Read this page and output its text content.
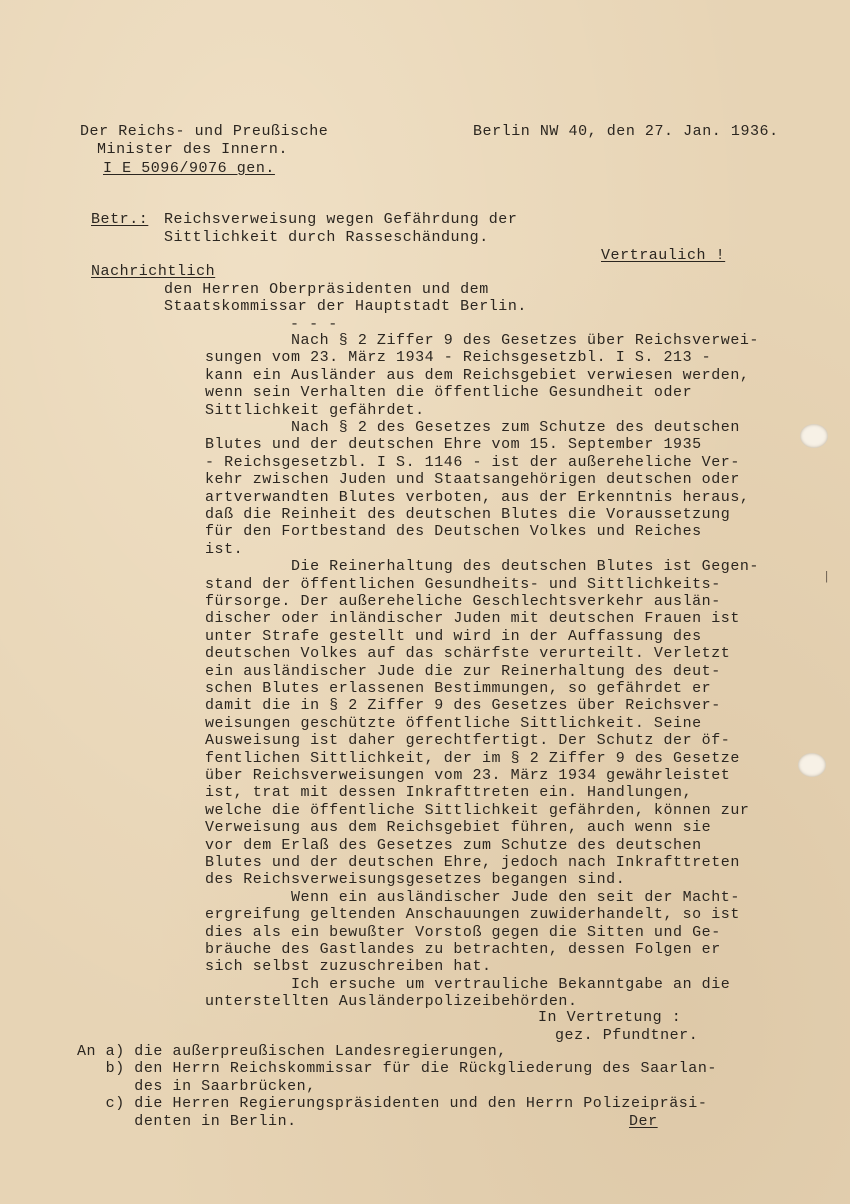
|
Der Reichs- und Preußische
Minister des Innern.
I E 5096/9076 gen.
Berlin NW 40, den 27. Jan. 1936.
Betr.: Reichsverweisung wegen Gefährdung der
Sittlichkeit durch Rasseschändung.
Vertraulich !
Nachrichtlich
den Herren Oberpräsidenten und dem
Staatskommissar der Hauptstadt Berlin.
- - -
Nach § 2 Ziffer 9 des Gesetzes über Reichsverwei-
sungen vom 23. März 1934 - Reichsgesetzbl. I S. 213 -
kann ein Ausländer aus dem Reichsgebiet verwiesen werden,
wenn sein Verhalten die öffentliche Gesundheit oder
Sittlichkeit gefährdet.
Nach § 2 des Gesetzes zum Schutze des deutschen
Blutes und der deutschen Ehre vom 15. September 1935
- Reichsgesetzbl. I S. 1146 - ist der außereheliche Ver-
kehr zwischen Juden und Staatsangehörigen deutschen oder
artverwandten Blutes verboten, aus der Erkenntnis heraus,
daß die Reinheit des deutschen Blutes die Voraussetzung
für den Fortbestand des Deutschen Volkes und Reiches
ist.
Die Reinerhaltung des deutschen Blutes ist Gegen-
stand der öffentlichen Gesundheits- und Sittlichkeits-
fürsorge. Der außereheliche Geschlechtsverkehr auslän-
discher oder inländischer Juden mit deutschen Frauen ist
unter Strafe gestellt und wird in der Auffassung des
deutschen Volkes auf das schärfste verurteilt. Verletzt
ein ausländischer Jude die zur Reinerhaltung des deut-
schen Blutes erlassenen Bestimmungen, so gefährdet er
damit die in § 2 Ziffer 9 des Gesetzes über Reichsver-
weisungen geschützte öffentliche Sittlichkeit. Seine
Ausweisung ist daher gerechtfertigt. Der Schutz der öf-
fentlichen Sittlichkeit, der im § 2 Ziffer 9 des Gesetze
über Reichsverweisungen vom 23. März 1934 gewährleistet
ist, trat mit dessen Inkrafttreten ein. Handlungen,
welche die öffentliche Sittlichkeit gefährden, können zur
Verweisung aus dem Reichsgebiet führen, auch wenn sie
vor dem Erlaß des Gesetzes zum Schutze des deutschen
Blutes und der deutschen Ehre, jedoch nach Inkrafttreten
des Reichsverweisungsgesetzes begangen sind.
Wenn ein ausländischer Jude den seit der Macht-
ergreifung geltenden Anschauungen zuwiderhandelt, so ist
dies als ein bewußter Vorstoß gegen die Sitten und Ge-
bräuche des Gastlandes zu betrachten, dessen Folgen er
sich selbst zuzuschreiben hat.
Ich ersuche um vertrauliche Bekanntgabe an die
unterstellten Ausländerpolizeibehörden.
In Vertretung :
gez. Pfundtner.
An a) die außerpreußischen Landesregierungen,
b) den Herrn Reichskommissar für die Rückgliederung des Saarlan-
des in Saarbrücken,
c) die Herren Regierungspräsidenten und den Herrn Polizeipräsi-
denten in Berlin.	Der
